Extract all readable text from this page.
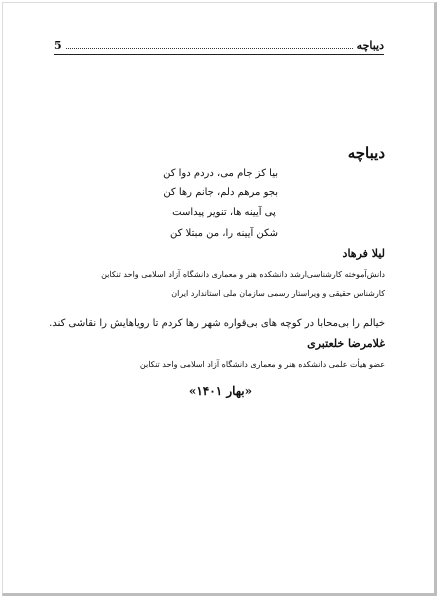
دیباچه
5
دیباچه
بیا کز جام می، دردم دوا کن
بجو مرهم دلم، جانم رها کن
پی آیینه ها، تنویر پیداست
شکن آیینه را، من مبتلا کن
لیلا فرهاد
دانش‌آموخته کارشناسی‌ارشد دانشکده هنر و معماری دانشگاه آزاد اسلامی واحد تنکابن
کارشناس حقیقی و ویراستار رسمی سازمان ملی استاندارد ایران
خیالم را بی‌محابا در کوچه های بی‌قواره شهر رها کردم تا رویاهایش را نقاشی کند.
غلامرضا خلعتبری
عضو هیأت علمی دانشکده هنر و معماری دانشگاه آزاد اسلامی واحد تنکابن
«بهار ۱۴۰۱»
